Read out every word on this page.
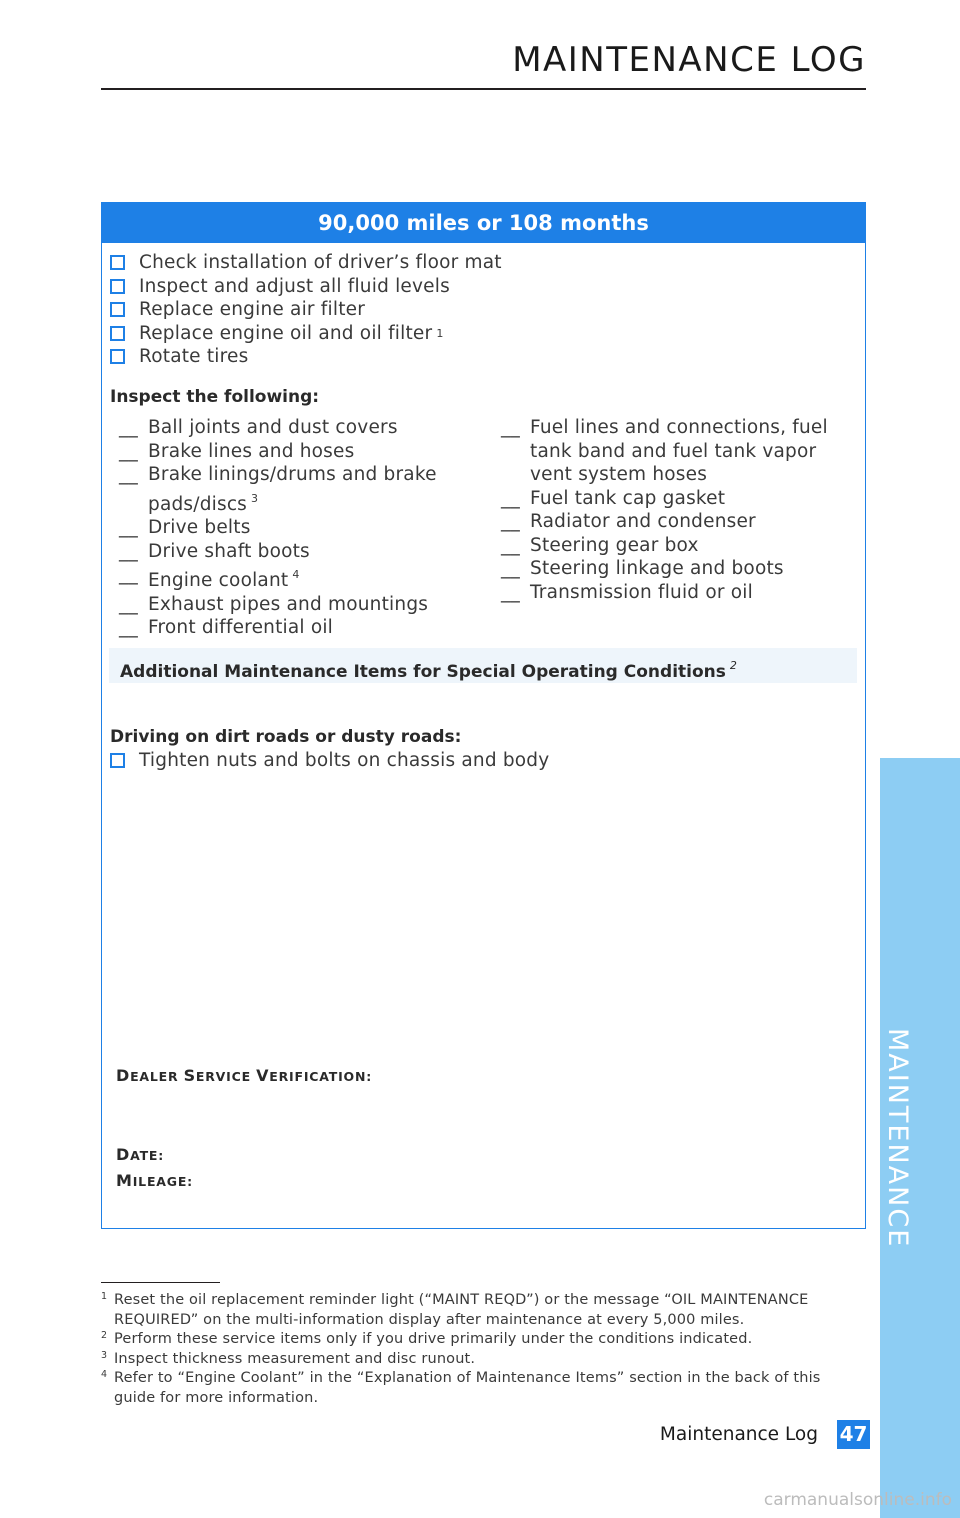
MAINTENANCE LOG
90,000 miles or 108 months
Check installation of driver’s floor mat
Inspect and adjust all fluid levels
Replace engine air filter
Replace engine oil and oil filter 1
Rotate tires
Inspect the following:
__ Ball joints and dust covers
__ Brake lines and hoses
__ Brake linings/drums and brake pads/discs $^3$
__ Drive belts
__ Drive shaft boots
__ Engine coolant $^4$
__ Exhaust pipes and mountings
__ Front differential oil
__ Fuel lines and connections, fuel tank band and fuel tank vapor vent system hoses
__ Fuel tank cap gasket
__ Radiator and condenser
__ Steering gear box
__ Steering linkage and boots
__ Transmission fluid or oil
Additional Maintenance Items for Special Operating Conditions $^2$
Driving on dirt roads or dusty roads:
Tighten nuts and bolts on chassis and body
DEALER SERVICE VERIFICATION:
DATE:
MILEAGE:
1 Reset the oil replacement reminder light (“MAINT REQD”) or the message “OIL MAINTENANCE REQUIRED” on the multi-information display after maintenance at every 5,000 miles.
2 Perform these service items only if you drive primarily under the conditions indicated.
3 Inspect thickness measurement and disc runout.
4 Refer to “Engine Coolant” in the “Explanation of Maintenance Items” section in the back of this guide for more information.
Maintenance Log 47
MAINTENANCE
carmanualsonline.info
